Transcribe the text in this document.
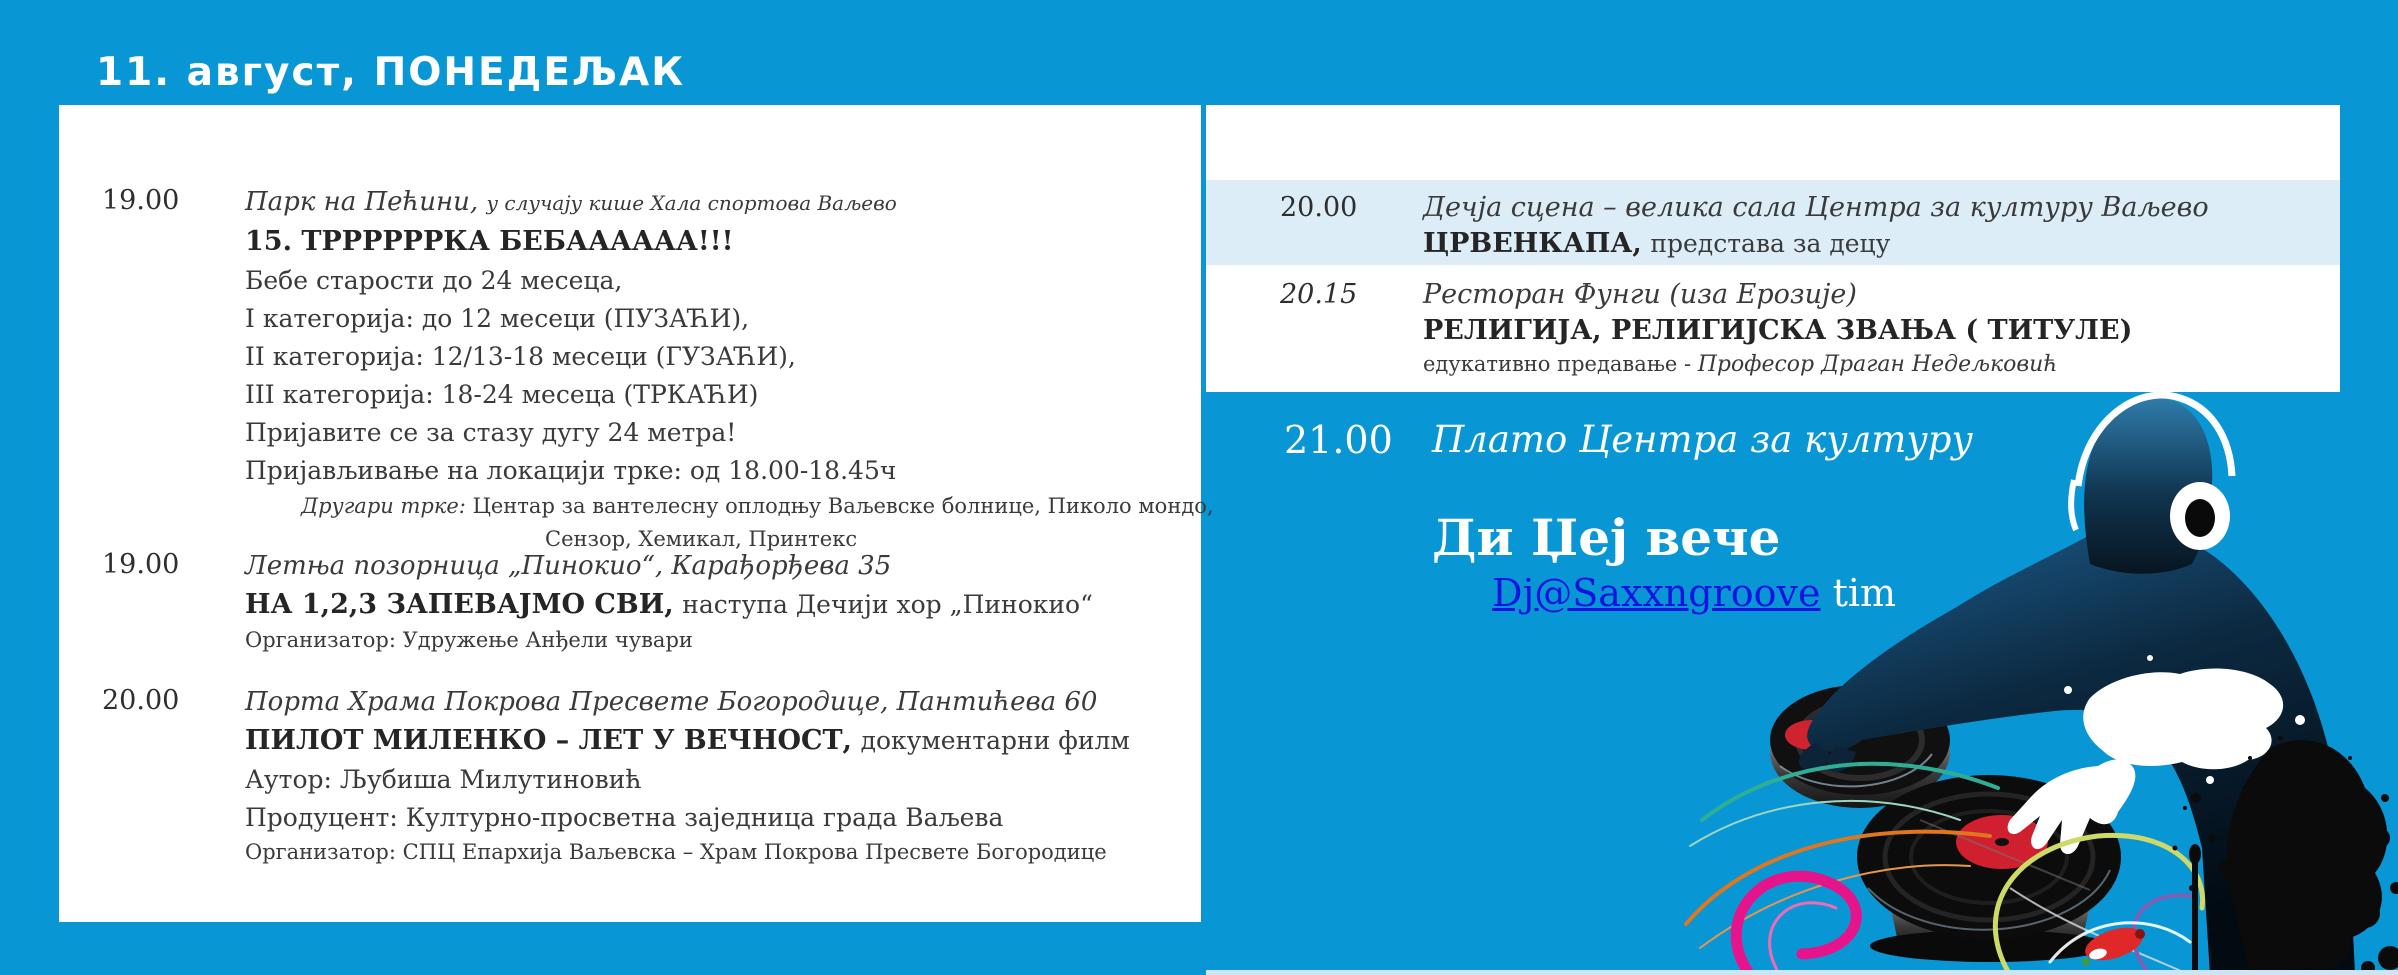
11. август, ПОНЕДЕЉАК
19.00	Парк на Пећини, у случају кише Хала спортова Ваљево
15. ТРРРРРРКА БЕБАААААА!!!
Бебе старости до 24 месеца,
I категорија: до 12 месеци (ПУЗАЋИ),
II категорија: 12/13-18 месеци (ГУЗАЋИ),
III категорија: 18-24 месеца (ТРКАЋИ)
Пријавите се за стазу дугу 24 метра!
Пријављивање на локацији трке: од 18.00-18.45ч
Другари трке: Центар за вантелесну оплодњу Ваљевске болнице, Пиколо мондо,
Сензор, Хемикал, Принтекс
19.00	Летња позорница „Пинокио“, Карађорђева 35
НА 1,2,3 ЗАПЕВАЈМО СВИ, наступа Дечији хор „Пинокио“
Организатор: Удружење Анђели чувари
20.00	Порта Храма Покрова Пресвете Богородице, Пантићева 60
ПИЛОТ МИЛЕНКО – ЛЕТ У ВЕЧНОСТ, документарни филм
Аутор: Љубиша Милутиновић
Продуцент: Културно-просветна заједница града Ваљева
Организатор: СПЦ Епархија Ваљевска – Храм Покрова Пресвете Богородице
20.00	Дечја сцена – велика сала Центра за културу Ваљево
ЦРВЕНКАПА, представа за децу
20.15	Ресторан Фунги (иза Ерозије)
РЕЛИГИЈА, РЕЛИГИЈСКА ЗВАЊА ( ТИТУЛЕ)
едукативно предавање - Професор Драган Недељковић
21.00 Плато Центра за културу
Ди Џеј вече
Dj@Saxxngroove tim
